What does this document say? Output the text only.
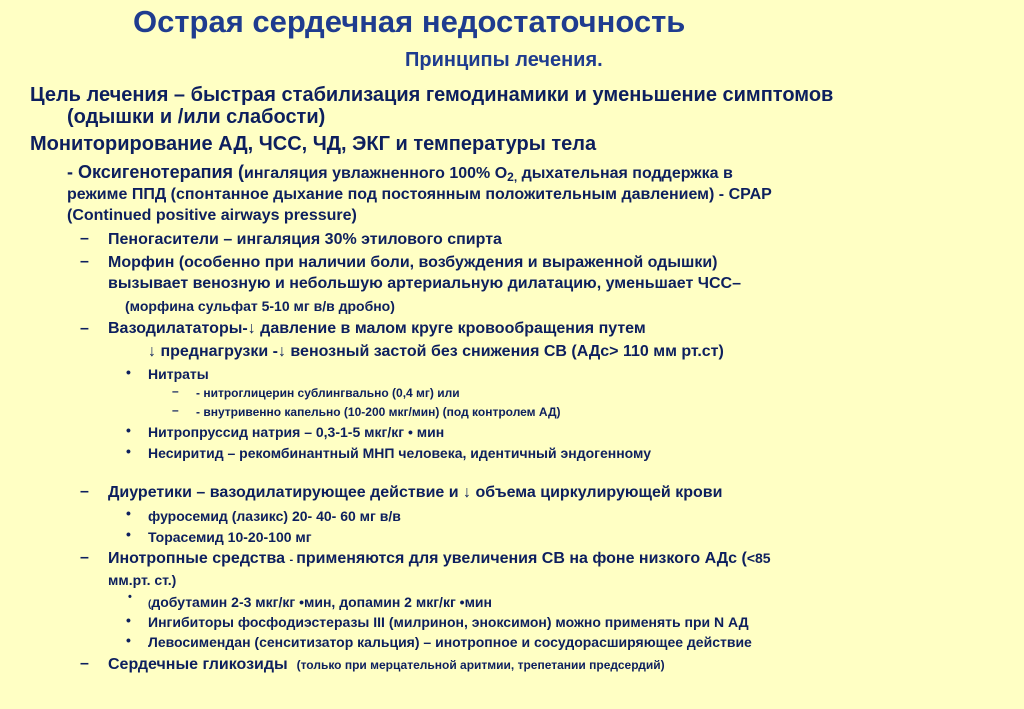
Острая сердечная недостаточность
Принципы лечения.
Цель лечения – быстрая стабилизация гемодинамики и уменьшение симптомов
(одышки и /или слабости)
Мониторирование АД, ЧСС, ЧД, ЭКГ и температуры тела
- Оксигенотерапия (ингаляция увлажненного 100% $О_{2,}$ дыхательная поддержка в
режиме ППД (спонтанное дыхание под постоянным положительным давлением) - CPAP
(Continued positive airways pressure)
– Пеногасители – ингаляция 30% этилового спирта
– Морфин (особенно при наличии боли, возбуждения и выраженной одышки)
вызывает венозную и небольшую артериальную дилатацию, уменьшает ЧСС–
(морфина сульфат 5-10 мг в/в дробно)
– Вазодилататоры-↓ давление в малом круге кровообращения путем
↓ преднагрузки -↓ венозный застой без снижения СВ (АДс> 110 мм рт.ст)
• Нитраты
– - нитроглицерин сублингвально (0,4 мг) или
– - внутривенно капельно (10-200 мкг/мин) (под контролем АД)
• Нитропруссид натрия – 0,3-1-5 мкг/кг • мин
• Несиритид – рекомбинантный МНП человека, идентичный эндогенному
– Диуретики – вазодилатирующее действие и ↓ объема циркулирующей крови
• фуросемид (лазикс) 20- 40- 60 мг в/в
• Торасемид 10-20-100 мг
– Инотропные средства - применяются для увеличения СВ на фоне низкого АДс (<85
мм.рт. ст.)
•
(добутамин 2-3 мкг/кг •мин, допамин 2 мкг/кг •мин
• Ингибиторы фосфодиэстеразы III (милринон, эноксимон) можно применять при N АД
• Левосимендан (сенситизатор кальция) – инотропное и сосудорасширяющее действие
– Сердечные гликозиды (только при мерцательной аритмии, трепетании предсердий)
